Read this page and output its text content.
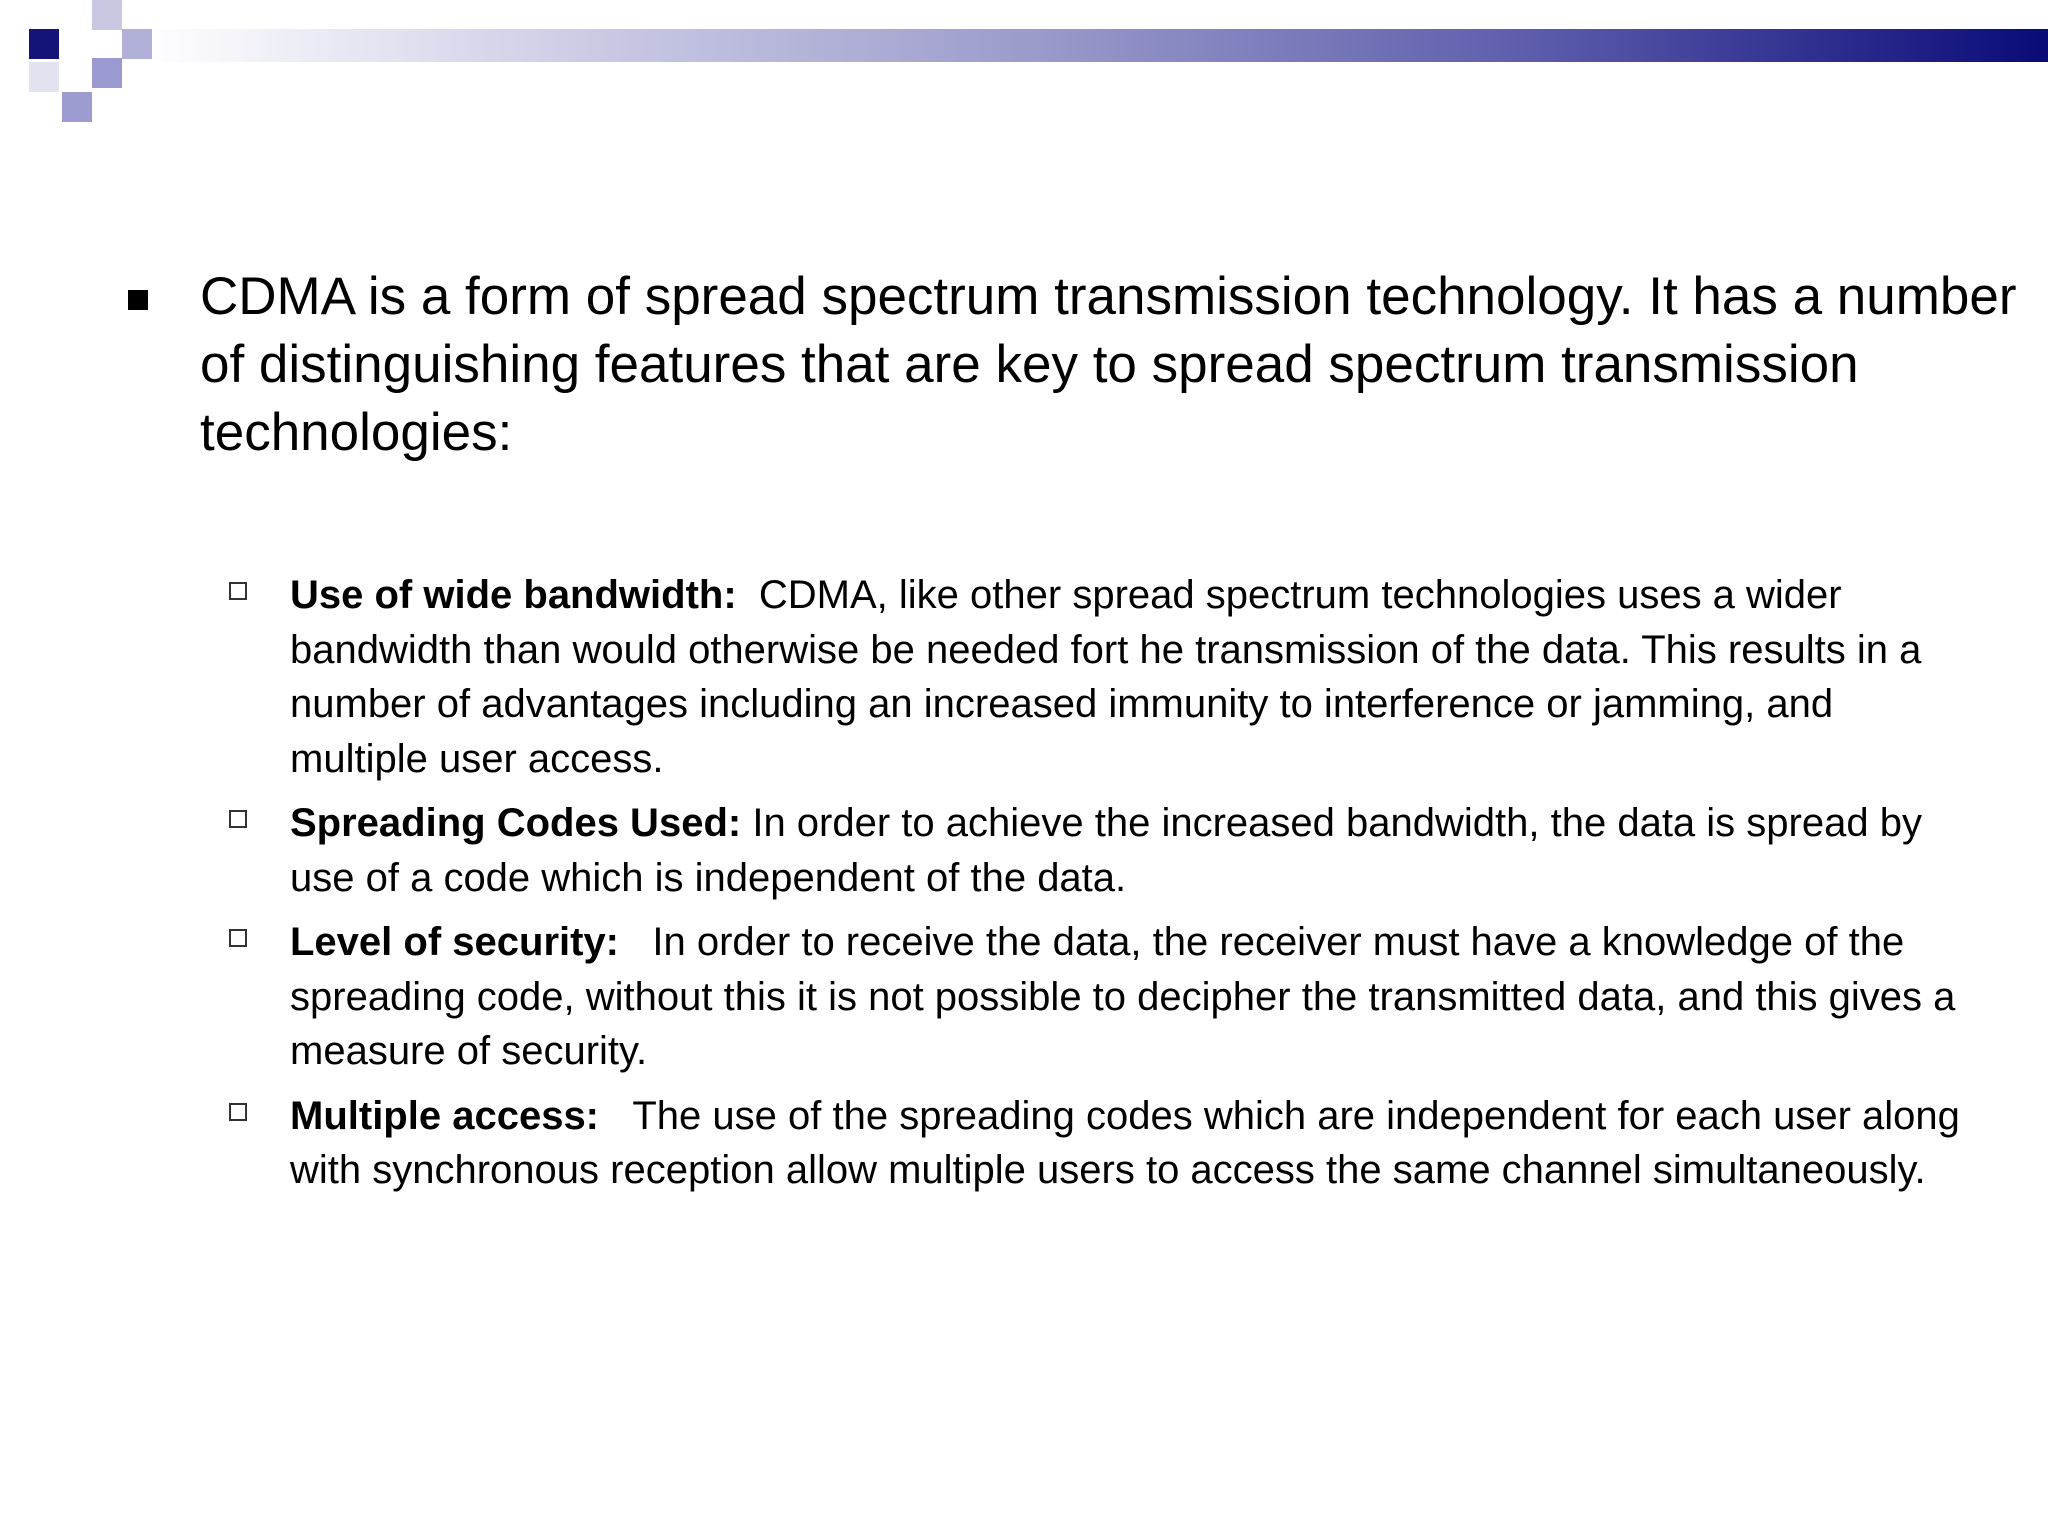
CDMA is a form of spread spectrum transmission technology. It has a number of distinguishing features that are key to spread spectrum transmission technologies:
Use of wide bandwidth: CDMA, like other spread spectrum technologies uses a wider bandwidth than would otherwise be needed fort he transmission of the data. This results in a number of advantages including an increased immunity to interference or jamming, and multiple user access.
Spreading Codes Used: In order to achieve the increased bandwidth, the data is spread by use of a code which is independent of the data.
Level of security: In order to receive the data, the receiver must have a knowledge of the spreading code, without this it is not possible to decipher the transmitted data, and this gives a measure of security.
Multiple access: The use of the spreading codes which are independent for each user along with synchronous reception allow multiple users to access the same channel simultaneously.
